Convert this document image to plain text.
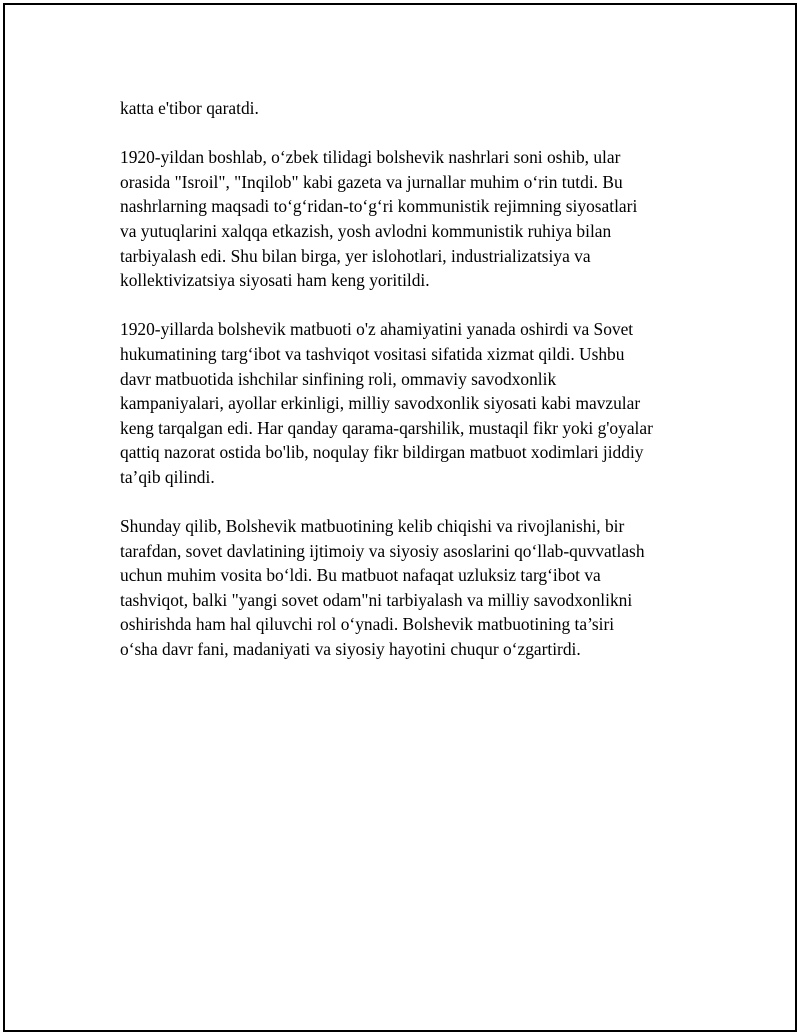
katta e'tibor qaratdi.

1920-yildan boshlab, o‘zbek tilidagi bolshevik nashrlari soni oshib, ular
orasida "Isroil", "Inqilob" kabi gazeta va jurnallar muhim o‘rin tutdi. Bu
nashrlarning maqsadi to‘g‘ridan-to‘g‘ri kommunistik rejimning siyosatlari
va yutuqlarini xalqqa etkazish, yosh avlodni kommunistik ruhiya bilan
tarbiyalash edi. Shu bilan birga, yer islohotlari, industrializatsiya va
kollektivizatsiya siyosati ham keng yoritildi.

1920-yillarda bolshevik matbuoti o'z ahamiyatini yanada oshirdi va Sovet
hukumatining targ‘ibot va tashviqot vositasi sifatida xizmat qildi. Ushbu
davr matbuotida ishchilar sinfining roli, ommaviy savodxonlik
kampaniyalari, ayollar erkinligi, milliy savodxonlik siyosati kabi mavzular
keng tarqalgan edi. Har qanday qarama-qarshilik, mustaqil fikr yoki g'oyalar
qattiq nazorat ostida bo'lib, noqulay fikr bildirgan matbuot xodimlari jiddiy
ta’qib qilindi.

Shunday qilib, Bolshevik matbuotining kelib chiqishi va rivojlanishi, bir
tarafdan, sovet davlatining ijtimoiy va siyosiy asoslarini qo‘llab-quvvatlash
uchun muhim vosita bo‘ldi. Bu matbuot nafaqat uzluksiz targ‘ibot va
tashviqot, balki "yangi sovet odam"ni tarbiyalash va milliy savodxonlikni
oshirishda ham hal qiluvchi rol o‘ynadi. Bolshevik matbuotining ta’siri
o‘sha davr fani, madaniyati va siyosiy hayotini chuqur o‘zgartirdi.
